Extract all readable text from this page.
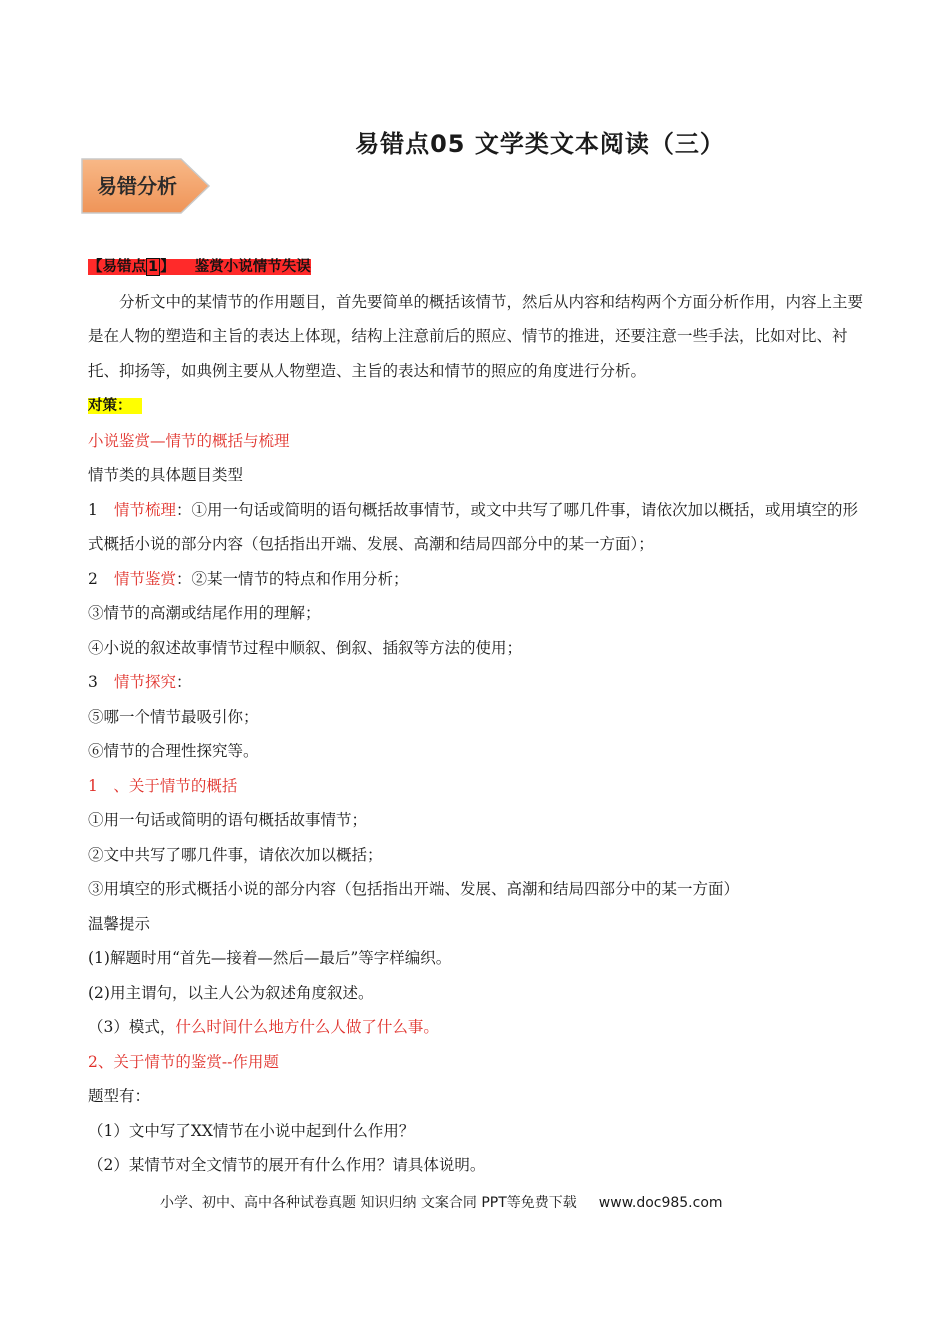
易错点05 文学类文本阅读（三）
易错分析

【易错点 1 】 鉴赏小说情节失误

分析文中的某情节的作用题目，首先要简单的概括该情节，然后从内容和结构两个方面分析作用，内容上主要是在人物的塑造和主旨的表达上体现，结构上注意前后的照应、情节的推进，还要注意一些手法，比如对比、衬托、抑扬等，如典例主要从人物塑造、主旨的表达和情节的照应的角度进行分析。

对策：

小说鉴赏—情节的概括与梳理

情节类的具体题目类型

1 情节梳理：①用一句话或简明的语句概括故事情节，或文中共写了哪几件事，请依次加以概括，或用填空的形式概括小说的部分内容（包括指出开端、发展、高潮和结局四部分中的某一方面）；

2 情节鉴赏：②某一情节的特点和作用分析；

③情节的高潮或结尾作用的理解；

④小说的叙述故事情节过程中顺叙、倒叙、插叙等方法的使用；

3 情节探究：

⑤哪一个情节最吸引你；

⑥情节的合理性探究等。

1　、关于情节的概括

①用一句话或简明的语句概括故事情节；

②文中共写了哪几件事，请依次加以概括；

③用填空的形式概括小说的部分内容（包括指出开端、发展、高潮和结局四部分中的某一方面）

温馨提示

(1)解题时用“首先—接着—然后—最后”等字样编织。

(2)用主谓句，以主人公为叙述角度叙述。

（3）模式，什么时间什么地方什么人做了什么事。

2、关于情节的鉴赏--作用题

题型有：

（1）文中写了XX情节在小说中起到什么作用？

（2）某情节对全文情节的展开有什么作用？请具体说明。

小学、初中、高中各种试卷真题 知识归纳 文案合同 PPT等免费下载 www.doc985.com
